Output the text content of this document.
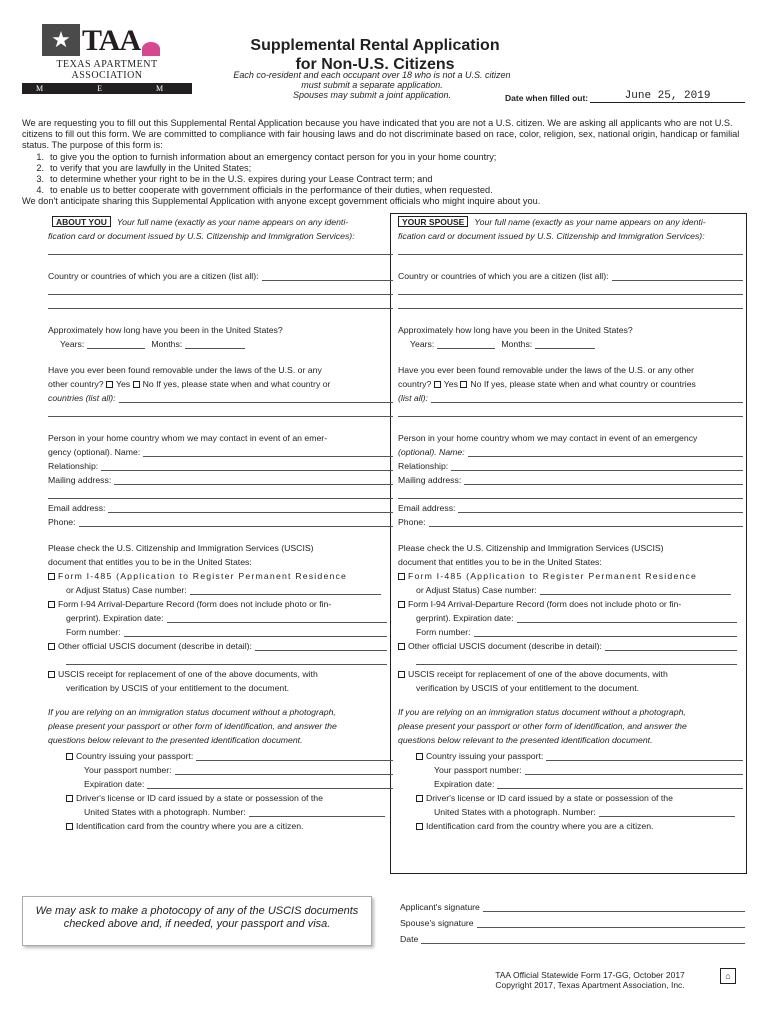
★ TAA
TEXAS APARTMENT ASSOCIATION
M E M B E R
Supplemental Rental Application
for Non-U.S. Citizens
Each co-resident and each occupant over 18 who is not a U.S. citizen
must submit a separate application.
Spouses may submit a joint application.	Date when filled out:	June 25, 2019
We are requesting you to fill out this Supplemental Rental Application because you have indicated that you are not a U.S. citizen. We are asking all applicants who are not U.S. citizens to fill out this form. We are committed to compliance with fair housing laws and do not discriminate based on race, color, religion, sex, national origin, handicap or familial status. The purpose of this form is:
1. to give you the option to furnish information about an emergency contact person for you in your home country;
2. to verify that you are lawfully in the United States;
3. to determine whether your right to be in the U.S. expires during your Lease Contract term; and
4. to enable us to better cooperate with government officials in the performance of their duties, when requested.
We don't anticipate sharing this Supplemental Application with anyone except government officials who might inquire about you.
ABOUT YOU	Your full name (exactly as your name appears on any identi-
fication card or document issued by U.S. Citizenship and Immigration Services):
Country or countries of which you are a citizen (list all):
Approximately how long have you been in the United States?
Years:	Months:
Have you ever been found removable under the laws of the U.S. or any
other country?
Yes
No
If yes, please state when and what country or
countries (list all):
Person in your home country whom we may contact in event of an emer-
gency (optional). Name:
Relationship:
Mailing address:
Email address:
Phone:
Please check the U.S. Citizenship and Immigration Services (USCIS)
document that entitles you to be in the United States:
Form I-485 (Application to Register Permanent Residence
or Adjust Status) Case number:
Form I-94 Arrival-Departure Record (form does not include photo or fin-
gerprint). Expiration date:
Form number:
Other official USCIS document (describe in detail):
USCIS receipt for replacement of one of the above documents, with
verification by USCIS of your entitlement to the document.
If you are relying on an immigration status document without a photograph,
please present your passport or other form of identification, and answer the
questions below relevant to the presented identification document.
Country issuing your passport:
Your passport number:
Expiration date:
Driver's license or ID card issued by a state or possession of the
United States with a photograph. Number:
Identification card from the country where you are a citizen.
YOUR SPOUSE	Your full name (exactly as your name appears on any identi-
fication card or document issued by U.S. Citizenship and Immigration Services):
Country or countries of which you are a citizen (list all):
Approximately how long have you been in the United States?
Years:	Months:
Have you ever been found removable under the laws of the U.S. or any other
country?
Yes
No
If yes, please state when and what country or countries
(list all):
Person in your home country whom we may contact in event of an emergency
(optional). Name:
Relationship:
Mailing address:
Email address:
Phone:
Please check the U.S. Citizenship and Immigration Services (USCIS)
document that entitles you to be in the United States:
Form I-485 (Application to Register Permanent Residence
or Adjust Status) Case number:
Form I-94 Arrival-Departure Record (form does not include photo or fin-
gerprint). Expiration date:
Form number:
Other official USCIS document (describe in detail):
USCIS receipt for replacement of one of the above documents, with
verification by USCIS of your entitlement to the document.
If you are relying on an immigration status document without a photograph,
please present your passport or other form of identification, and answer the
questions below relevant to the presented identification document.
Country issuing your passport:
Your passport number:
Expiration date:
Driver's license or ID card issued by a state or possession of the
United States with a photograph. Number:
Identification card from the country where you are a citizen.
We may ask to make a photocopy of any of the USCIS documents
checked above and, if needed, your passport and visa.
Applicant's signature
Spouse's signature
Date
TAA Official Statewide Form 17-GG, October 2017
Copyright 2017, Texas Apartment Association, Inc.
⌂
